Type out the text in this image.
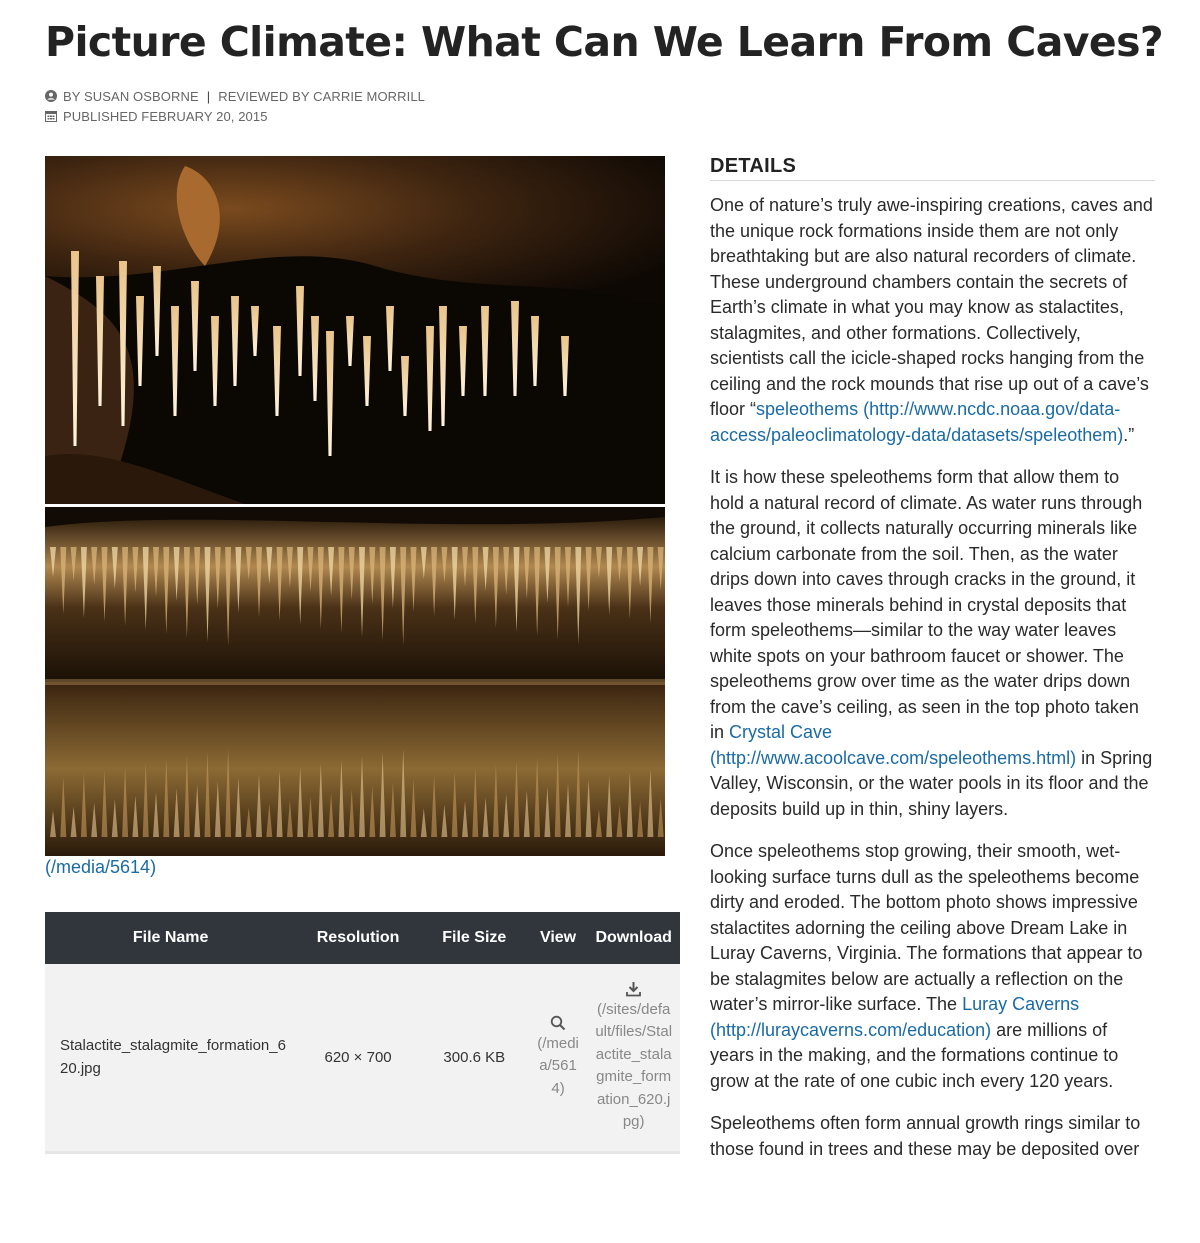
Picture Climate: What Can We Learn From Caves?
BY SUSAN OSBORNE | REVIEWED BY CARRIE MORRILL
PUBLISHED FEBRUARY 20, 2015
(/media/5614)
File Name	Resolution	File Size	View	Download
Stalactite_stalagmite_formation_620.jpg	620 × 700	300.6 KB	(/media/5614)	(/sites/default/files/Stalactite_stalagmite_formation_620.jpg)
DETAILS

One of nature’s truly awe-inspiring creations, caves and the unique rock formations inside them are not only breathtaking but are also natural recorders of climate. These underground chambers contain the secrets of Earth’s climate in what you may know as stalactites, stalagmites, and other formations. Collectively, scientists call the icicle-shaped rocks hanging from the ceiling and the rock mounds that rise up out of a cave’s floor “speleothems (http://www.ncdc.noaa.gov/data-access/paleoclimatology-data/datasets/speleothem).”

It is how these speleothems form that allow them to hold a natural record of climate. As water runs through the ground, it collects naturally occurring minerals like calcium carbonate from the soil. Then, as the water drips down into caves through cracks in the ground, it leaves those minerals behind in crystal deposits that form speleothems—similar to the way water leaves white spots on your bathroom faucet or shower. The speleothems grow over time as the water drips down from the cave’s ceiling, as seen in the top photo taken in Crystal Cave (http://www.acoolcave.com/speleothems.html) in Spring Valley, Wisconsin, or the water pools in its floor and the deposits build up in thin, shiny layers.

Once speleothems stop growing, their smooth, wet-looking surface turns dull as the speleothems become dirty and eroded. The bottom photo shows impressive stalactites adorning the ceiling above Dream Lake in Luray Caverns, Virginia. The formations that appear to be stalagmites below are actually a reflection on the water’s mirror-like surface. The Luray Caverns (http://luraycaverns.com/education) are millions of years in the making, and the formations continue to grow at the rate of one cubic inch every 120 years.

Speleothems often form annual growth rings similar to those found in trees and these may be deposited over
